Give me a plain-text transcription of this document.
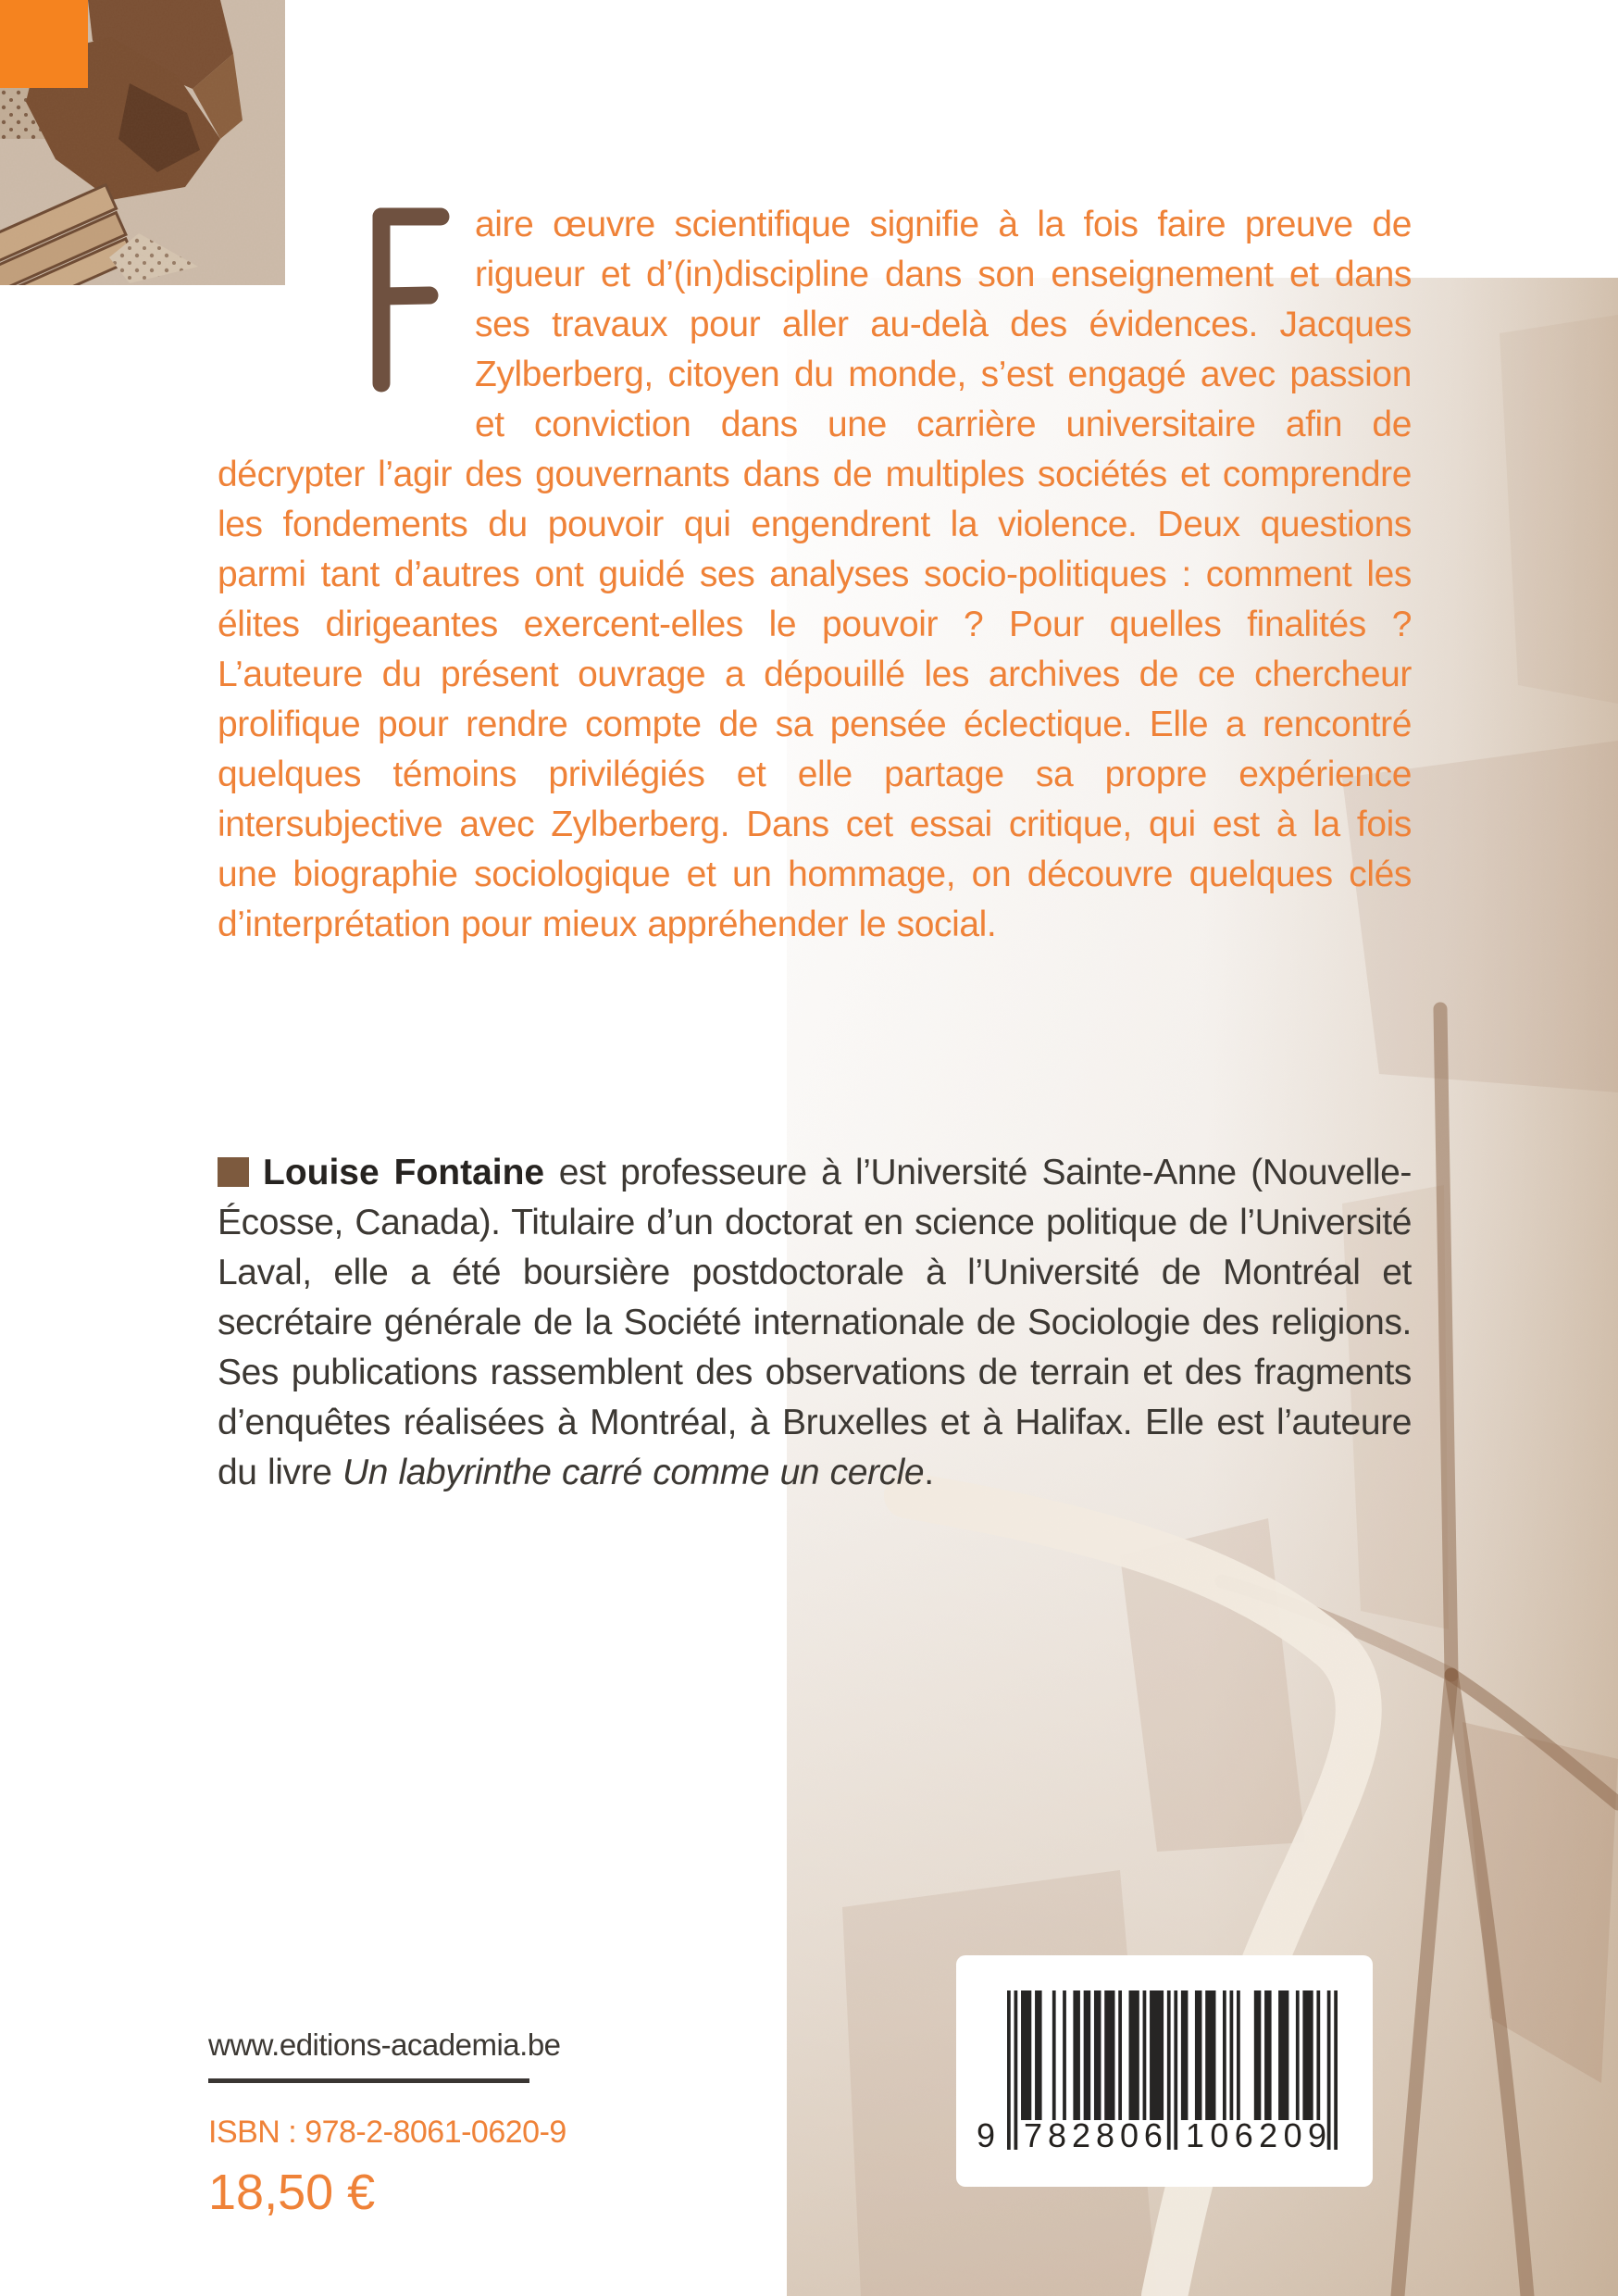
aire œuvre scientifique signifie à la fois faire preuve de rigueur et d’(in)discipline dans son enseignement et dans ses travaux pour aller au-delà des évidences. Jacques Zylberberg, citoyen du monde, s’est engagé avec passion et conviction dans une carrière universitaire afin de décrypter l’agir des gouvernants dans de multiples sociétés et comprendre les fondements du pouvoir qui engendrent la violence. Deux questions parmi tant d’autres ont guidé ses analyses socio-politiques : comment les élites dirigeantes exercent-elles le pouvoir ? Pour quelles finalités ? L’auteure du présent ouvrage a dépouillé les archives de ce chercheur prolifique pour rendre compte de sa pensée éclectique. Elle a rencontré quelques témoins privilégiés et elle partage sa propre expérience intersubjective avec Zylberberg. Dans cet essai critique, qui est à la fois une biographie sociologique et un hommage, on découvre quelques clés d’interprétation pour mieux appréhender le social.
Louise Fontaine est professeure à l’Université Sainte-Anne (Nouvelle-Écosse, Canada). Titulaire d’un doctorat en science politique de l’Université Laval, elle a été boursière postdoctorale à l’Université de Montréal et secrétaire générale de la Société internationale de Sociologie des religions. Ses publications rassemblent des observations de terrain et des fragments d’enquêtes réalisées à Montréal, à Bruxelles et à Halifax. Elle est l’auteure du livre Un labyrinthe carré comme un cercle.
www.editions-academia.be
ISBN : 978-2-8061-0620-9
18,50 €
9 7 8 2 8 0 6 1 0 6 2 0 9
